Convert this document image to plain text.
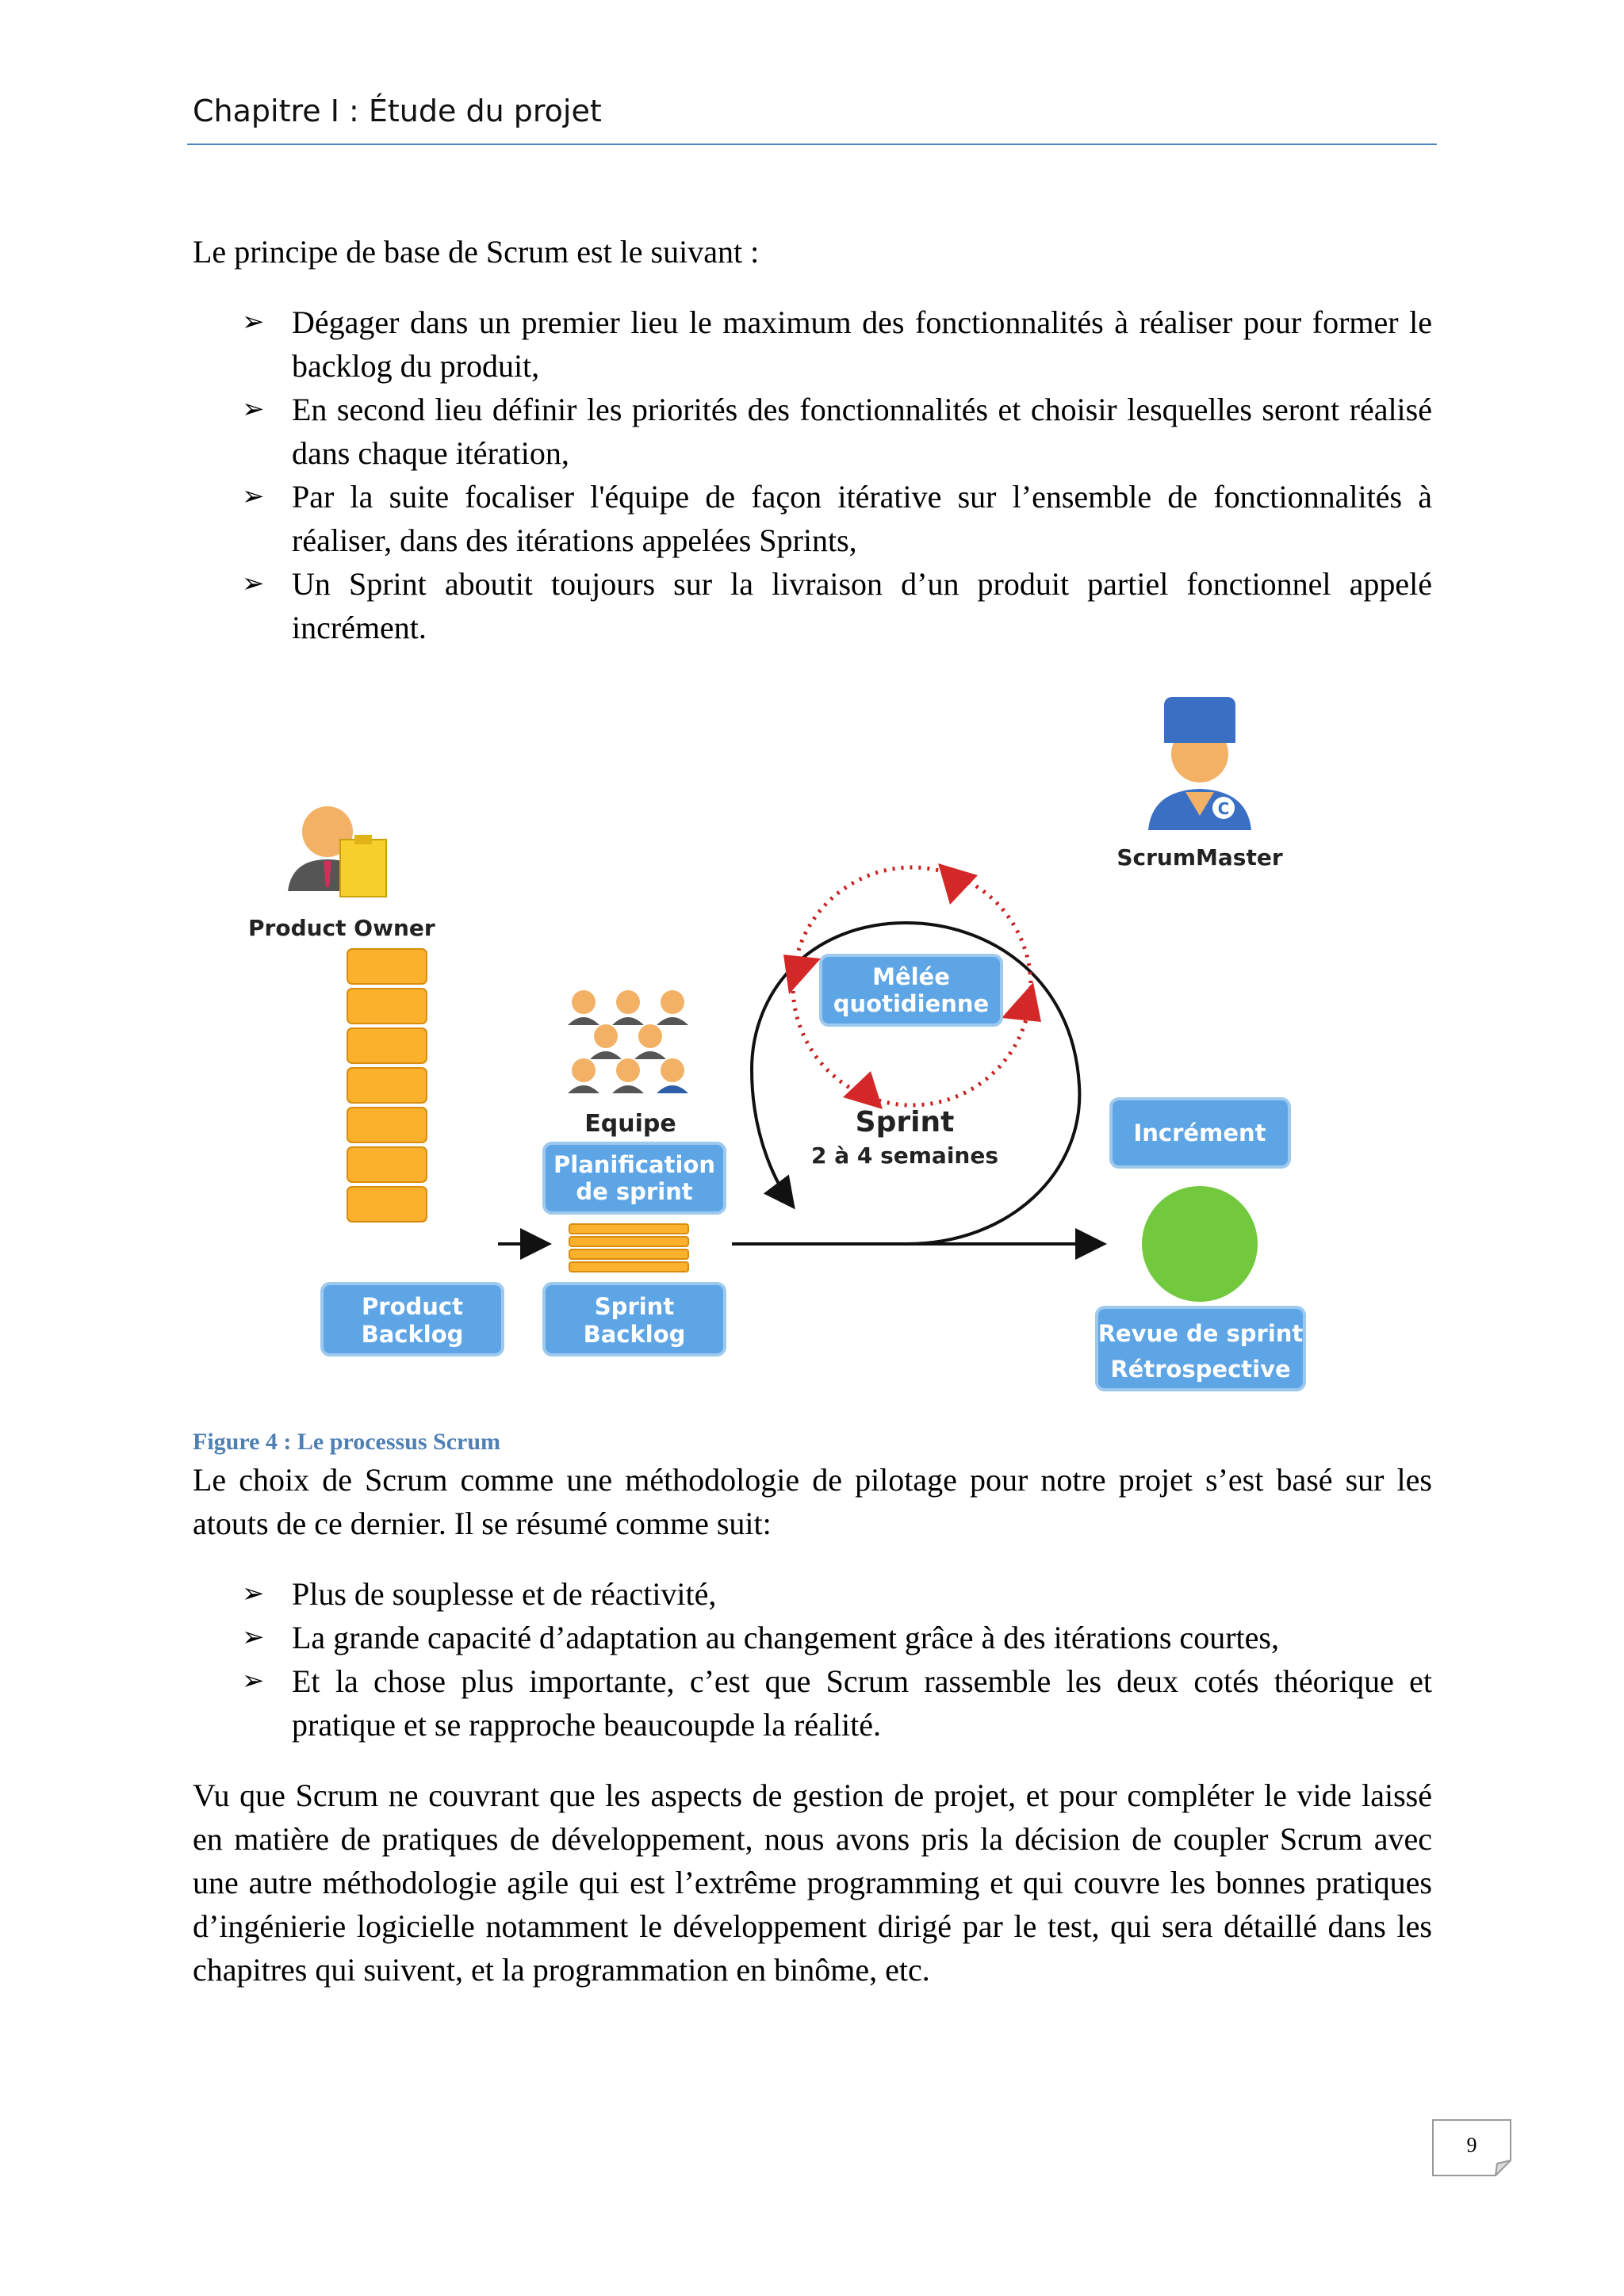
Chapitre I : Étude du projet

Le principe de base de Scrum est le suivant :

➢ Dégager dans un premier lieu le maximum des fonctionnalités à réaliser pour former le backlog du produit,
➢ En second lieu définir les priorités des fonctionnalités et choisir lesquelles seront réalisé dans chaque itération,
➢ Par la suite focaliser l'équipe de façon itérative sur l’ensemble de fonctionnalités à réaliser, dans des itérations appelées Sprints,
➢ Un Sprint aboutit toujours sur la livraison d’un produit partiel fonctionnel appelé incrément.
Product Owner
Product
Backlog
Equipe
Planification
de sprint
Sprint
Backlog
Mêlée
quotidienne
Sprint
2 à 4 semaines
C
ScrumMaster
Incrément
Revue de sprint
Rétrospective

Figure 4 : Le processus Scrum

Le choix de Scrum comme une méthodologie de pilotage pour notre projet s’est basé sur les atouts de ce dernier. Il se résumé comme suit:

➢ Plus de souplesse et de réactivité,
➢ La grande capacité d’adaptation au changement grâce à des itérations courtes,
➢ Et la chose plus importante, c’est que Scrum rassemble les deux cotés théorique et pratique et se rapproche beaucoupde la réalité.

Vu que Scrum ne couvrant que les aspects de gestion de projet, et pour compléter le vide laissé en matière de pratiques de développement, nous avons pris la décision de coupler Scrum avec une autre méthodologie agile qui est l’extrême programming et qui couvre les bonnes pratiques d’ingénierie logicielle notamment le développement dirigé par le test, qui sera détaillé dans les chapitres qui suivent, et la programmation en binôme, etc.

9
